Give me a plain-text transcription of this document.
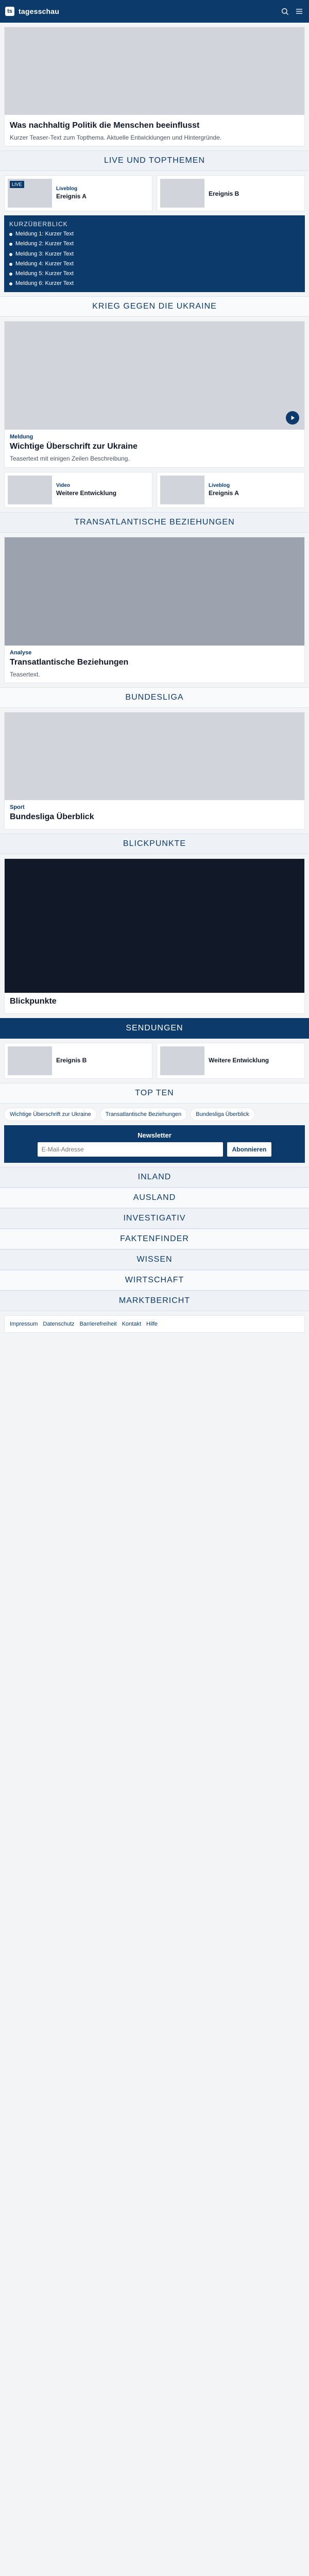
ts tagesschau
Was nachhaltig Politik die Menschen beeinflusst
Kurzer Teaser-Text zum Topthema. Aktuelle Entwicklungen und Hintergründe.
LIVE UND TOPTHEMEN
LIVE
Liveblog
Ereignis A	Ereignis B
KURZÜBERBLICK
Meldung 1: Kurzer Text
Meldung 2: Kurzer Text
Meldung 3: Kurzer Text
Meldung 4: Kurzer Text
Meldung 5: Kurzer Text
Meldung 6: Kurzer Text
KRIEG GEGEN DIE UKRAINE
Meldung
Wichtige Überschrift zur Ukraine
Teasertext mit einigen Zeilen Beschreibung.
Video
Weitere Entwicklung
Liveblog
Ereignis A
TRANSATLANTISCHE BEZIEHUNGEN
Analyse
Transatlantische Beziehungen
Teasertext.
BUNDESLIGA
Sport
Bundesliga Überblick
BLICKPUNKTE
Blickpunkte
SENDUNGEN
Ereignis B	Weitere Entwicklung
TOP TEN
Wichtige Überschrift zur Ukraine	Transatlantische Beziehungen	Bundesliga Überblick
Newsletter
E-Mail-Adresse
Abonnieren
INLAND
AUSLAND
INVESTIGATIV
FAKTENFINDER
WISSEN
WIRTSCHAFT
MARKTBERICHT
Impressum Datenschutz Barrierefreiheit Kontakt Hilfe
